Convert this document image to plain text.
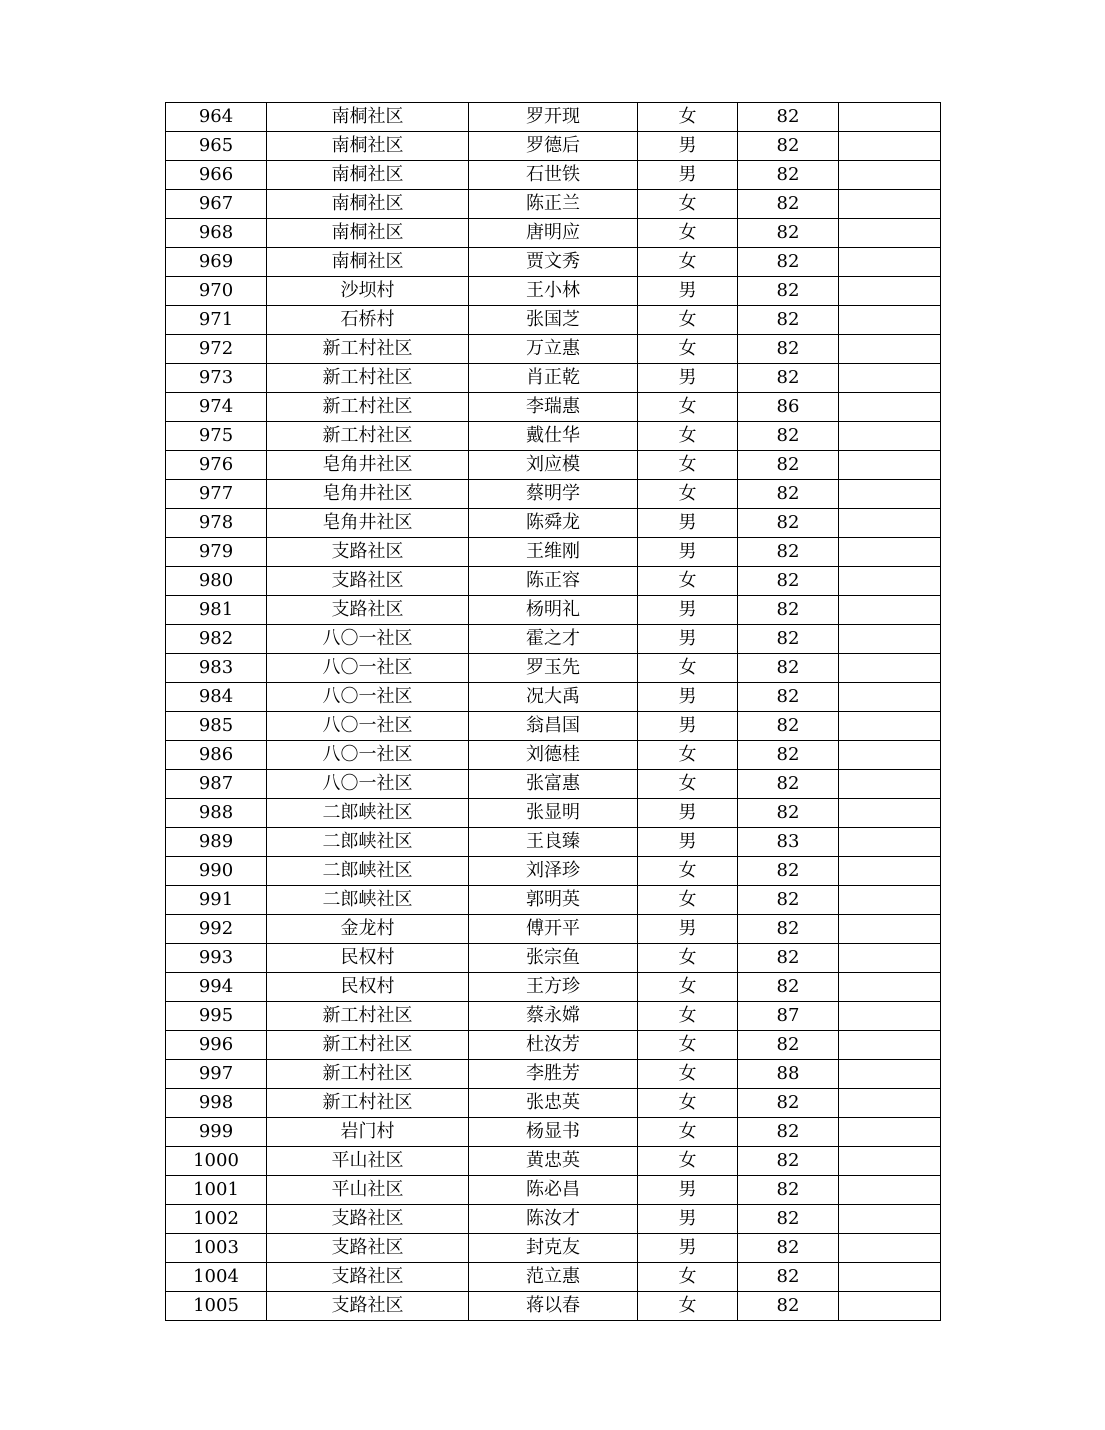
964	南桐社区	罗开现	女	82	
965	南桐社区	罗德后	男	82	
966	南桐社区	石世铁	男	82	
967	南桐社区	陈正兰	女	82	
968	南桐社区	唐明应	女	82	
969	南桐社区	贾文秀	女	82	
970	沙坝村	王小林	男	82	
971	石桥村	张国芝	女	82	
972	新工村社区	万立惠	女	82	
973	新工村社区	肖正乾	男	82	
974	新工村社区	李瑞惠	女	86	
975	新工村社区	戴仕华	女	82	
976	皂角井社区	刘应模	女	82	
977	皂角井社区	蔡明学	女	82	
978	皂角井社区	陈舜龙	男	82	
979	支路社区	王维刚	男	82	
980	支路社区	陈正容	女	82	
981	支路社区	杨明礼	男	82	
982	八〇一社区	霍之才	男	82	
983	八〇一社区	罗玉先	女	82	
984	八〇一社区	况大禹	男	82	
985	八〇一社区	翁昌国	男	82	
986	八〇一社区	刘德桂	女	82	
987	八〇一社区	张富惠	女	82	
988	二郎峡社区	张显明	男	82	
989	二郎峡社区	王良臻	男	83	
990	二郎峡社区	刘泽珍	女	82	
991	二郎峡社区	郭明英	女	82	
992	金龙村	傅开平	男	82	
993	民权村	张宗鱼	女	82	
994	民权村	王方珍	女	82	
995	新工村社区	蔡永嫦	女	87	
996	新工村社区	杜汝芳	女	82	
997	新工村社区	李胜芳	女	88	
998	新工村社区	张忠英	女	82	
999	岩门村	杨显书	女	82	
1000	平山社区	黄忠英	女	82	
1001	平山社区	陈必昌	男	82	
1002	支路社区	陈汝才	男	82	
1003	支路社区	封克友	男	82	
1004	支路社区	范立惠	女	82	
1005	支路社区	蒋以春	女	82	
